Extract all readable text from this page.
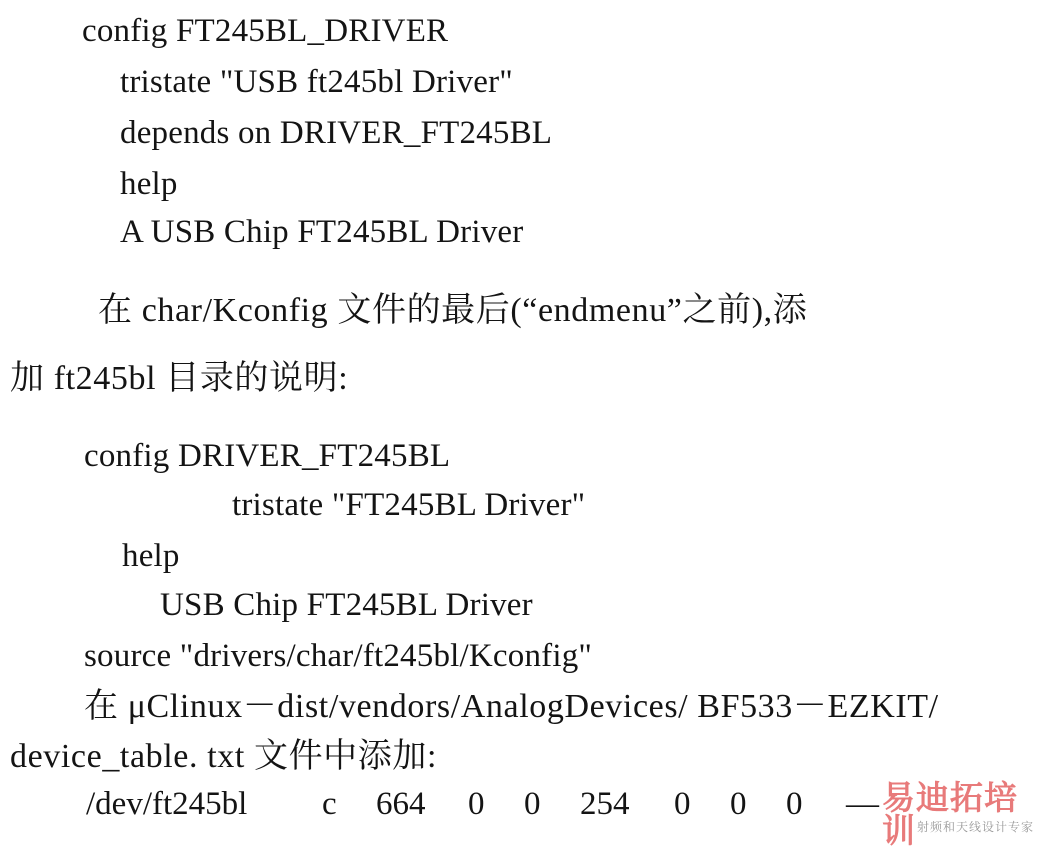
config FT245BL_DRIVER
tristate "USB ft245bl Driver"
depends on DRIVER_FT245BL
help
A USB Chip FT245BL Driver
在 char/Kconfig 文件的最后(“endmenu”之前),添
加 ft245bl 目录的说明:
config DRIVER_FT245BL
tristate "FT245BL Driver"
help
USB Chip FT245BL Driver
source "drivers/char/ft245bl/Kconfig"
在 μClinux－dist/vendors/AnalogDevices/ BF533－EZKIT/
device_table. txt 文件中添加:
/dev/ft245bl c 664 0 0 254 0 0 0 — 易迪拓培训 射频和天线设计专家
